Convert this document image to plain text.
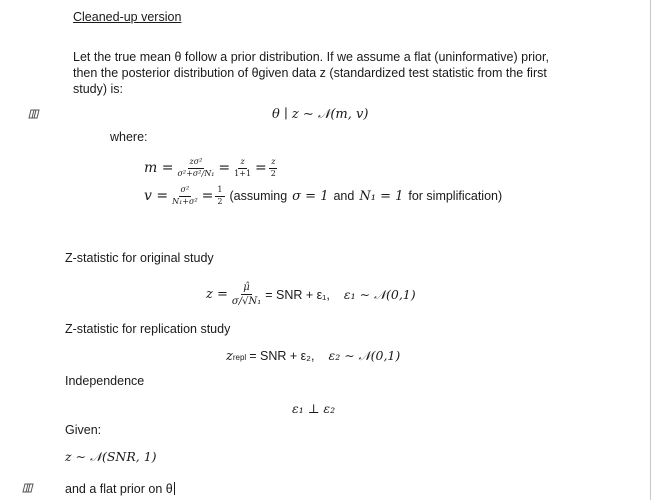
Cleaned-up version
Let the true mean θ follow a prior distribution. If we assume a flat (uninformative) prior,
then the posterior distribution of θgiven data z (standardized test statistic from the first
study) is:
θ ∣ z ∼ 𝒩(m, v)
where:
$m = \frac{\text{zσ²}}{\text{σ²+σ²/N₁}} = \frac{z}{1+1} = \frac{z}{2}$
$v = \frac{\text{σ²}}{\text{N₁+σ²}} = \frac{1}{2}$ (assuming σ = 1 and N₁ = 1 for simplification)
Z-statistic for original study
$z = \frac{\mû}{\text{σ/√N₁}}$ = SNR + ε₁, ε₁ ∼ 𝒩(0,1)
Z-statistic for replication study
z repl = SNR + ε₂, ε₂ ∼ 𝒩(0,1)
Independence
ε₁ ⊥ ε₂
Given:
z ∼ 𝒩(SNR, 1)
and a flat prior on θ
